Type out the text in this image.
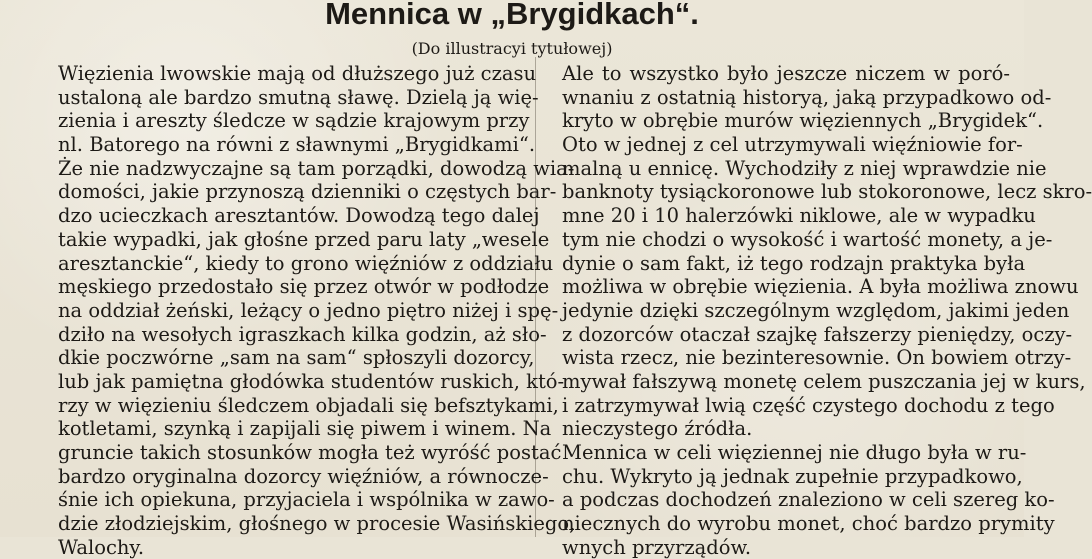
Mennica w „Brygidkach“.
(Do illustracyi tytułowej)
Więzienia lwowskie mają od dłuższego już czasu
ustaloną ale bardzo smutną sławę. Dzielą ją wię-
zienia i areszty śledcze w sądzie krajowym przy
nl. Batorego na równi z sławnymi „Brygidkami“.
Że nie nadzwyczajne są tam porządki, dowodzą wia-
domości, jakie przynoszą dzienniki o częstych bar-
dzo ucieczkach aresztantów. Dowodzą tego dalej
takie wypadki, jak głośne przed paru laty „wesele
aresztanckie“, kiedy to grono więźniów z oddziału
męskiego przedostało się przez otwór w podłodze
na oddział żeński, leżący o jedno piętro niżej i spę-
dziło na wesołych igraszkach kilka godzin, aż sło-
dkie poczwórne „sam na sam“ spłoszyli dozorcy,
lub jak pamiętna głodówka studentów ruskich, któ-
rzy w więzieniu śledczem objadali się befsztykami,
kotletami, szynką i zapijali się piwem i winem. Na
gruncie takich stosunków mogła też wyróść postać
bardzo oryginalna dozorcy więźniów, a równocze-
śnie ich opiekuna, przyjaciela i wspólnika w zawo-
dzie złodziejskim, głośnego w procesie Wasińskiego,
Walochy.
Ale to wszystko było jeszcze niczem w poró-
wnaniu z ostatnią historyą, jaką przypadkowo od-
kryto w obrębie murów więziennych „Brygidek“.
Oto w jednej z cel utrzymywali więźniowie for-
malną u ennicę. Wychodziły z niej wprawdzie nie
banknoty tysiąckoronowe lub stokoronowe, lecz skro-
mne 20 i 10 halerzówki niklowe, ale w wypadku
tym nie chodzi o wysokość i wartość monety, a je-
dynie o sam fakt, iż tego rodzajn praktyka była
możliwa w obrębie więzienia. A była możliwa znowu
jedynie dzięki szczególnym względom, jakimi jeden
z dozorców otaczał szajkę fałszerzy pieniędzy, oczy-
wista rzecz, nie bezinteresownie. On bowiem otrzy-
mywał fałszywą monetę celem puszczania jej w kurs,
i zatrzymywał lwią część czystego dochodu z tego
nieczystego źródła.
Mennica w celi więziennej nie długo była w ru-
chu. Wykryto ją jednak zupełnie przypadkowo,
a podczas dochodzeń znaleziono w celi szereg ko-
niecznych do wyrobu monet, choć bardzo prymity
wnych przyrządów.
